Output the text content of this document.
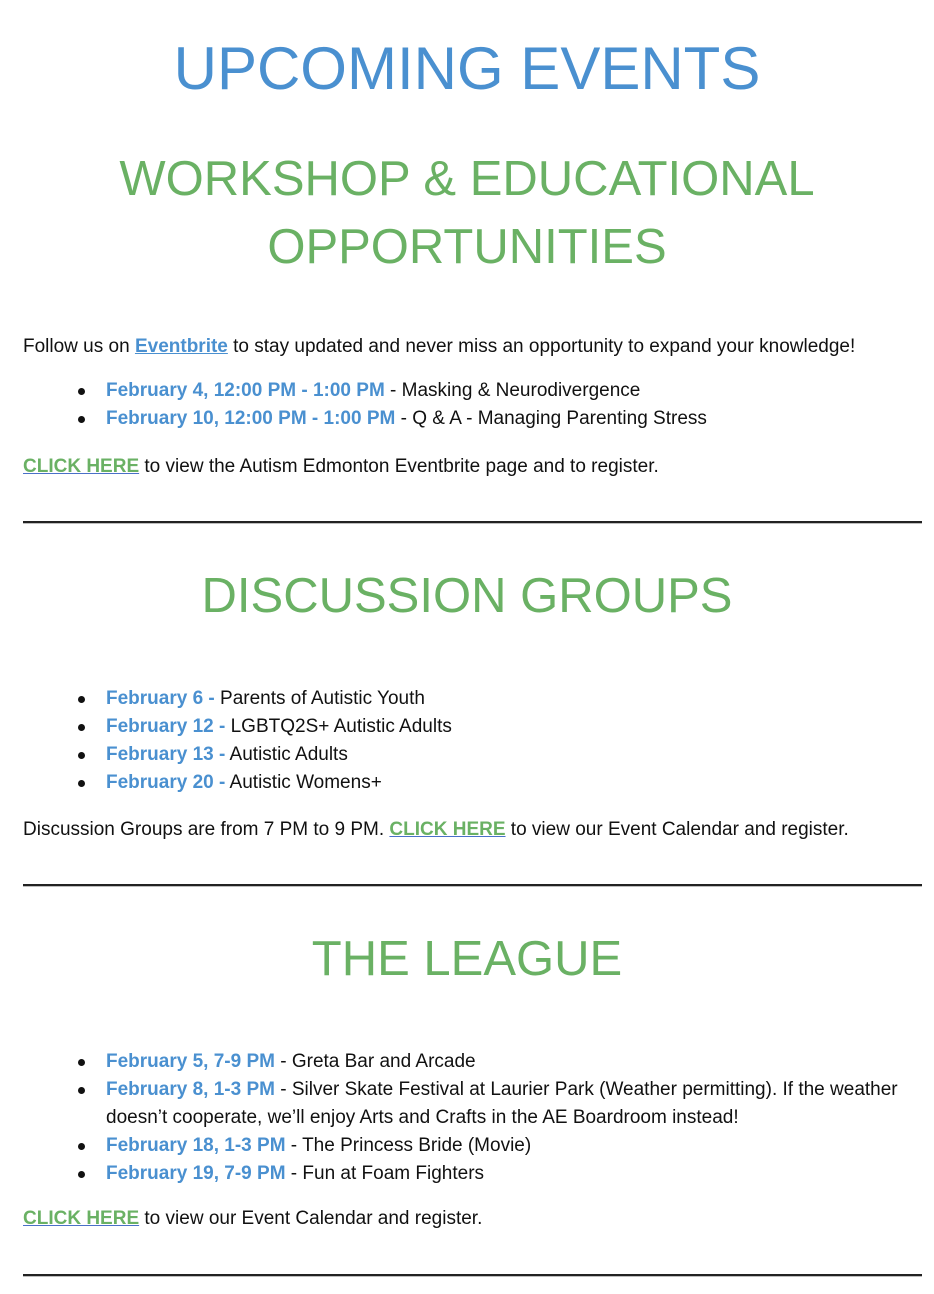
UPCOMING EVENTS
WORKSHOP & EDUCATIONAL
OPPORTUNITIES

Follow us on Eventbrite to stay updated and never miss an opportunity to expand your knowledge!

February 4, 12:00 PM - 1:00 PM - Masking & Neurodivergence
February 10, 12:00 PM - 1:00 PM - Q & A - Managing Parenting Stress

CLICK HERE to view the Autism Edmonton Eventbrite page and to register.

DISCUSSION GROUPS
February 6 - Parents of Autistic Youth
February 12 - LGBTQ2S+ Autistic Adults
February 13 - Autistic Adults
February 20 - Autistic Womens+

Discussion Groups are from 7 PM to 9 PM. CLICK HERE to view our Event Calendar and register.

THE LEAGUE
February 5, 7-9 PM - Greta Bar and Arcade
February 8, 1-3 PM - Silver Skate Festival at Laurier Park (Weather permitting). If the weather doesn’t cooperate, we’ll enjoy Arts and Crafts in the AE Boardroom instead!
February 18, 1-3 PM - The Princess Bride (Movie)
February 19, 7-9 PM - Fun at Foam Fighters

CLICK HERE to view our Event Calendar and register.
